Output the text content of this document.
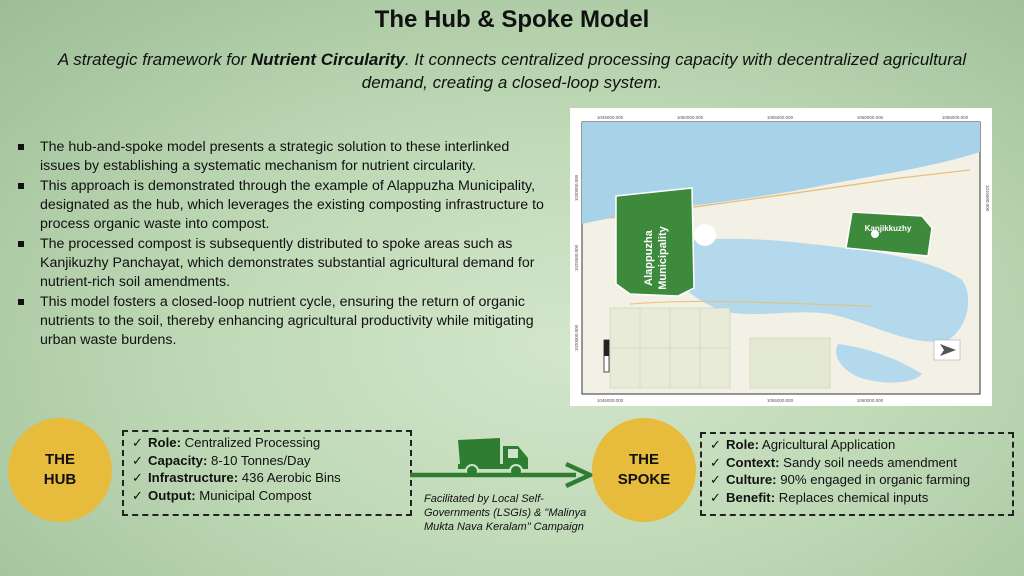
The Hub & Spoke Model
A strategic framework for Nutrient Circularity. It connects centralized processing capacity with decentralized agricultural demand, creating a closed-loop system.
The hub-and-spoke model presents a strategic solution to these interlinked issues by establishing a systematic mechanism for nutrient circularity.
This approach is demonstrated through the example of Alappuzha Municipality, designated as the hub, which leverages the existing composting infrastructure to process organic waste into compost.
The processed compost is subsequently distributed to spoke areas such as Kanjikuzhy Panchayat, which demonstrates substantial agricultural demand for nutrient-rich soil amendments.
This model fosters a closed-loop nutrient cycle, ensuring the return of organic nutrients to the soil, thereby enhancing agricultural productivity while mitigating urban waste burdens.
Alappuzha Municipality	Kanjikkuzhy
1045000.000	1050000.000	1055000.000	1060000.000	1065000.000
1045000.000	1055000.000	1060000.000
1030000.000
1025000.000
1020000.000
1015000.000
THE
HUB
✓ Role: Centralized Processing
✓ Capacity: 8-10 Tonnes/Day
✓ Infrastructure: 436 Aerobic Bins
✓ Output: Municipal Compost	Facilitated by Local Self-Governments (LSGIs) & "Malinya Mukta Nava Keralam" Campaign
THE
SPOKE
✓ Role: Agricultural Application
✓ Context: Sandy soil needs amendment
✓ Culture: 90% engaged in organic farming
✓ Benefit: Replaces chemical inputs
